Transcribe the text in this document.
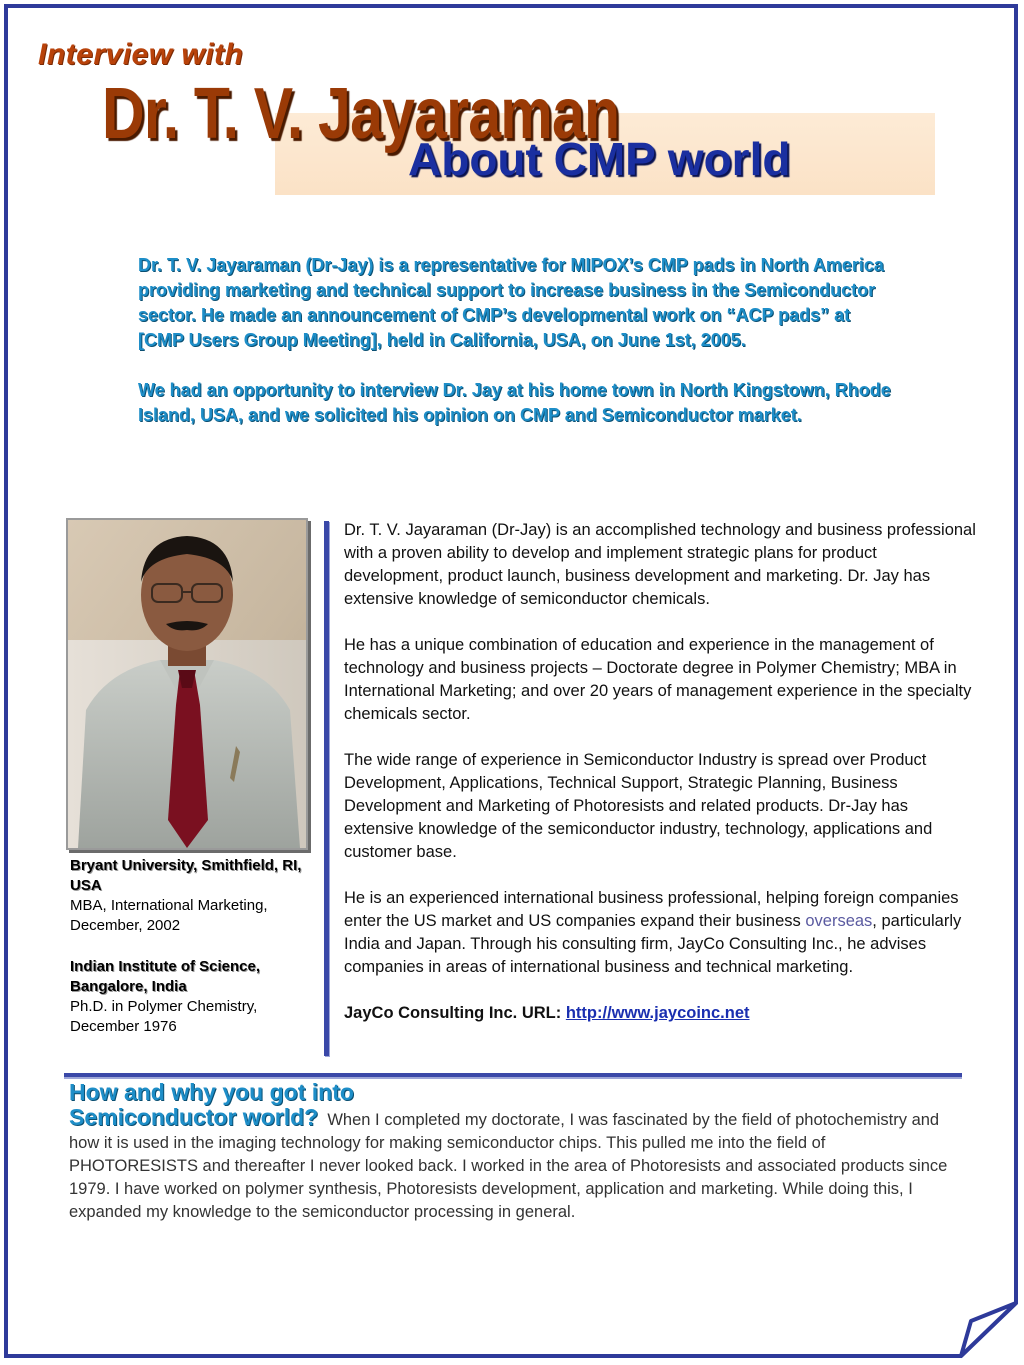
Interview with
Dr. T. V. Jayaraman
About CMP world

Dr. T. V. Jayaraman (Dr-Jay) is a representative for MIPOX’s CMP pads in North America providing marketing and technical support to increase business in the Semiconductor sector. He made an announcement of CMP’s developmental work on “ACP pads” at [CMP Users Group Meeting], held in California, USA, on June 1st, 2005.

We had an opportunity to interview Dr. Jay at his home town in North Kingstown, Rhode Island, USA, and we solicited his opinion on CMP and Semiconductor market.

Bryant University, Smithfield, RI, USA
MBA, International Marketing,
December, 2002
Indian Institute of Science, Bangalore, India
Ph.D. in Polymer Chemistry,
December 1976

Dr. T. V. Jayaraman (Dr-Jay) is an accomplished technology and business professional with a proven ability to develop and implement strategic plans for product development, product launch, business development and marketing. Dr. Jay has extensive knowledge of semiconductor chemicals.

He has a unique combination of education and experience in the management of technology and business projects – Doctorate degree in Polymer Chemistry; MBA in International Marketing; and over 20 years of management experience in the specialty chemicals sector.

The wide range of experience in Semiconductor Industry is spread over Product Development, Applications, Technical Support, Strategic Planning, Business Development and Marketing of Photoresists and related products. Dr-Jay has extensive knowledge of the semiconductor industry, technology, applications and customer base.

He is an experienced international business professional, helping foreign companies enter the US market and US companies expand their business overseas, particularly India and Japan. Through his consulting firm, JayCo Consulting Inc., he advises companies in areas of international business and technical marketing.

JayCo Consulting Inc. URL: http://www.jaycoinc.net

How and why you got into
Semiconductor world? When I completed my doctorate, I was fascinated by the field of photochemistry and how it is used in the imaging technology for making semiconductor chips. This pulled me into the field of PHOTORESISTS and thereafter I never looked back. I worked in the area of Photoresists and associated products since 1979. I have worked on polymer synthesis, Photoresists development, application and marketing. While doing this, I expanded my knowledge to the semiconductor processing in general.
